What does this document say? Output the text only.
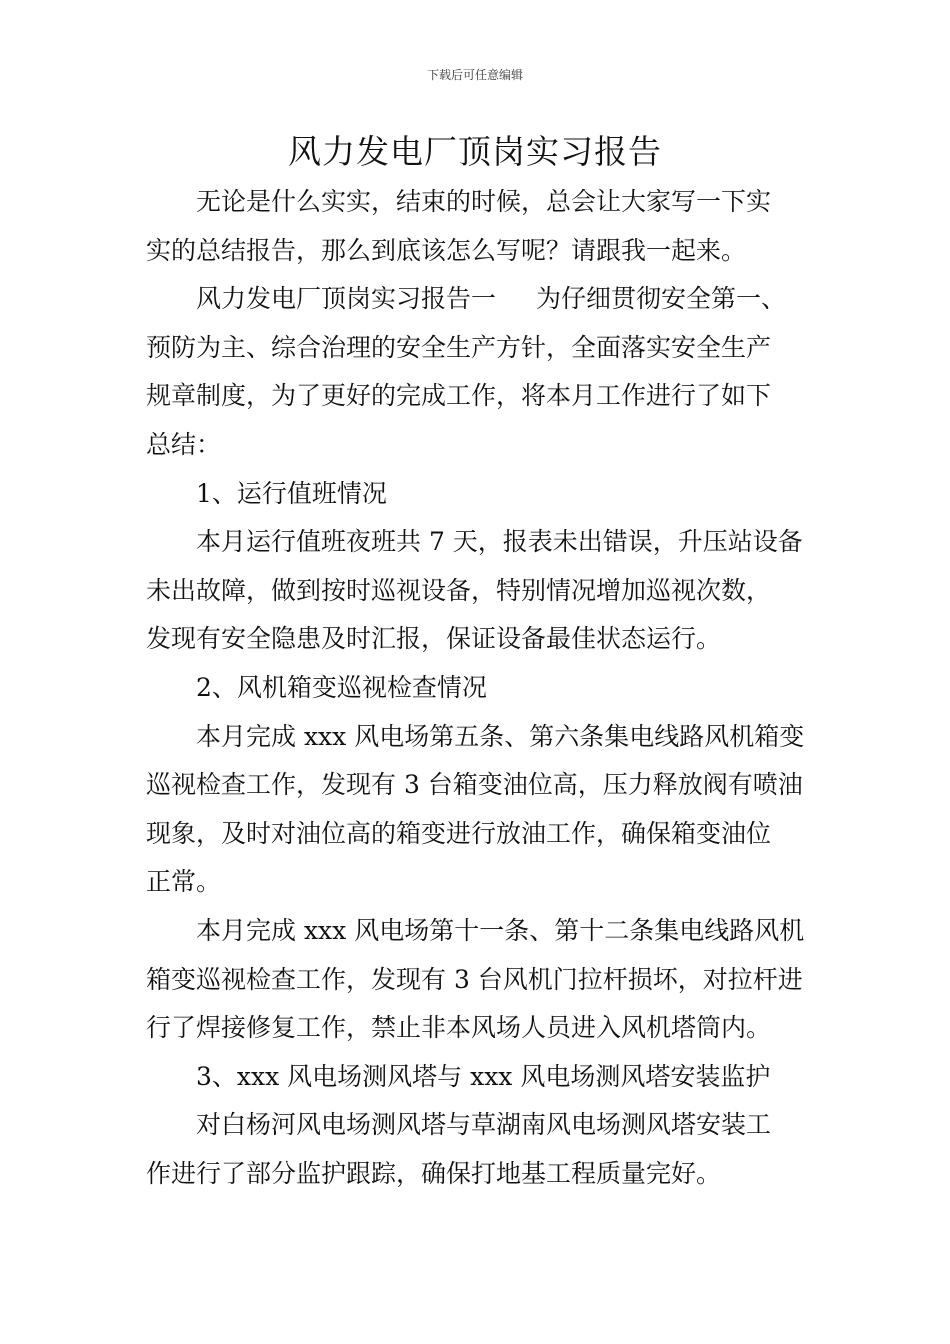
下载后可任意编辑
风力发电厂顶岗实习报告
无论是什么实实，结束的时候，总会让大家写一下实
实的总结报告，那么到底该怎么写呢？请跟我一起来。
风力发电厂顶岗实习报告一 为仔细贯彻安全第一、
预防为主、综合治理的安全生产方针，全面落实安全生产
规章制度，为了更好的完成工作，将本月工作进行了如下
总结：
1、运行值班情况
本月运行值班夜班共 7 天，报表未出错误，升压站设备
未出故障，做到按时巡视设备，特别情况增加巡视次数，
发现有安全隐患及时汇报，保证设备最佳状态运行。
2、风机箱变巡视检查情况
本月完成 xxx 风电场第五条、第六条集电线路风机箱变
巡视检查工作，发现有 3 台箱变油位高，压力释放阀有喷油
现象，及时对油位高的箱变进行放油工作，确保箱变油位
正常。
本月完成 xxx 风电场第十一条、第十二条集电线路风机
箱变巡视检查工作，发现有 3 台风机门拉杆损坏，对拉杆进
行了焊接修复工作，禁止非本风场人员进入风机塔筒内。
3、xxx 风电场测风塔与 xxx 风电场测风塔安装监护
对白杨河风电场测风塔与草湖南风电场测风塔安装工
作进行了部分监护跟踪，确保打地基工程质量完好。
